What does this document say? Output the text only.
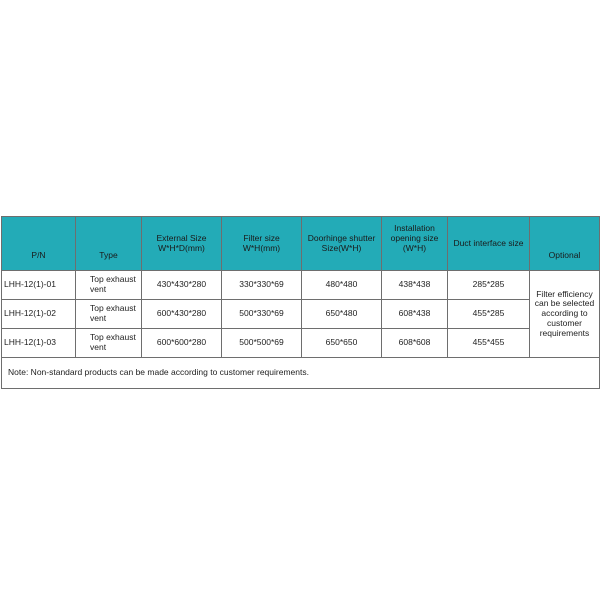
P/N	Type	External Size W*H*D(mm)	Filter size W*H(mm)	Doorhinge shutter Size(W*H)	Installation opening size (W*H)	Duct interface size	Optional
LHH-12(1)-01	Top exhaust vent	430*430*280	330*330*69	480*480	438*438	285*285	Filter efficiency can be selected according to customer requirements
LHH-12(1)-02	Top exhaust vent	600*430*280	500*330*69	650*480	608*438	455*285	
LHH-12(1)-03	Top exhaust vent	600*600*280	500*500*69	650*650	608*608	455*455	
Note: Non-standard products can be made according to customer requirements.							
